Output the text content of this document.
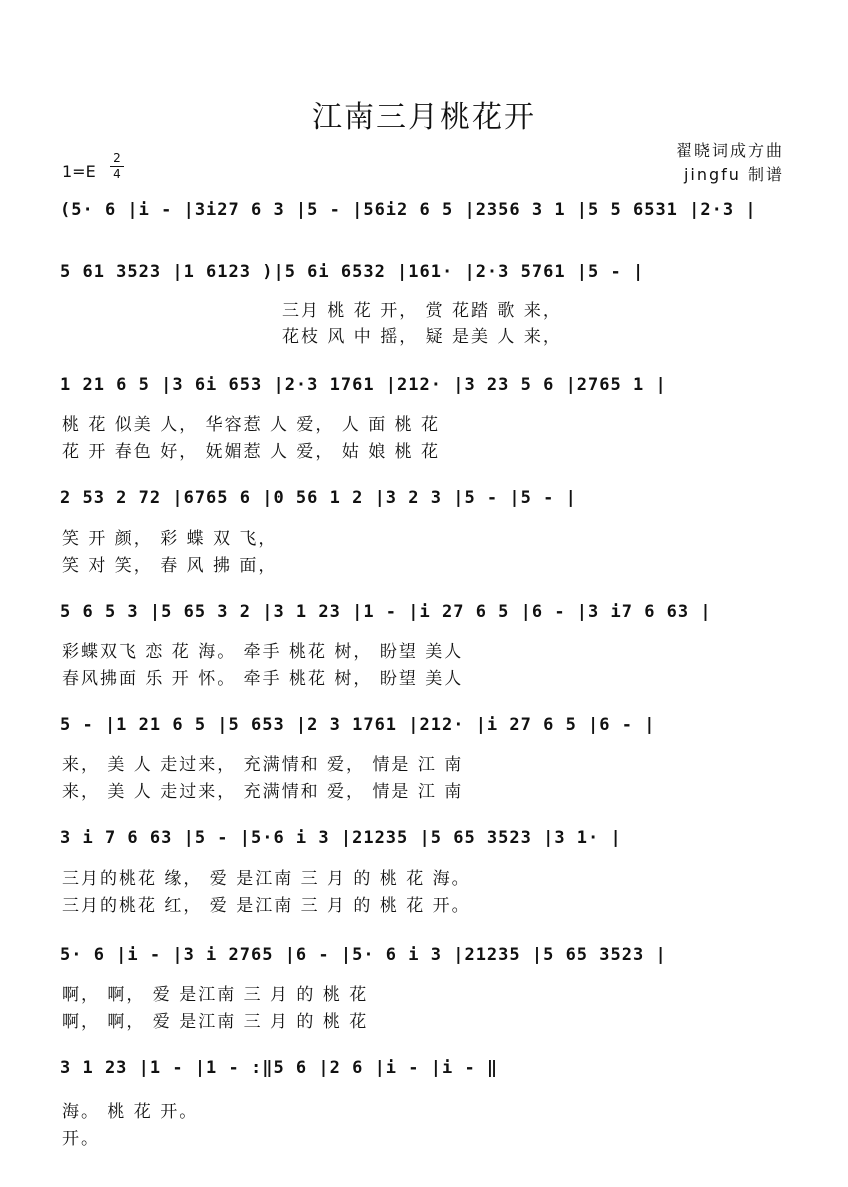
江南三月桃花开
翟晓词成方曲
jingfu 制谱
1=E
2
4
(5· 6 |i - |3i27 6 3 |5 - |56i2 6 5 |2356 3 1 |5 5 6531 |2·3 |
5 61 3523 |1 6123 )|5 6i 6532 |161· |2·3 5761 |5 - |
三月 桃 花 开， 赏 花踏 歌 来，
花枝 风 中 摇， 疑 是美 人 来，
1 21 6 5 |3 6i 653 |2·3 1761 |212· |3 23 5 6 |2765 1 |
桃 花 似美 人， 华容惹 人 爱， 人 面 桃 花
花 开 春色 好， 妩媚惹 人 爱， 姑 娘 桃 花
2 53 2 72 |6765 6 |0 56 1 2 |3 2 3 |5 - |5 - |
笑 开 颜， 彩 蝶 双 飞，
笑 对 笑， 春 风 拂 面，
5 6 5 3 |5 65 3 2 |3 1 23 |1 - |i 27 6 5 |6 - |3 i7 6 63 |
彩蝶双飞 恋 花 海。 牵手 桃花 树， 盼望 美人
春风拂面 乐 开 怀。 牵手 桃花 树， 盼望 美人
5 - |1 21 6 5 |5 653 |2 3 1761 |212· |i 27 6 5 |6 - |
来， 美 人 走过来， 充满情和 爱， 情是 江 南
来， 美 人 走过来， 充满情和 爱， 情是 江 南
3 i 7 6 63 |5 - |5·6 i 3 |21235 |5 65 3523 |3 1· |
三月的桃花 缘， 爱 是江南 三 月 的 桃 花 海。
三月的桃花 红， 爱 是江南 三 月 的 桃 花 开。
5· 6 |i - |3 i 2765 |6 - |5· 6 i 3 |21235 |5 65 3523 |
啊， 啊， 爱 是江南 三 月 的 桃 花
啊， 啊， 爱 是江南 三 月 的 桃 花
3 1 23 |1 - |1 - :‖5 6 |2 6 |i - |i - ‖
海。 桃 花 开。
开。
